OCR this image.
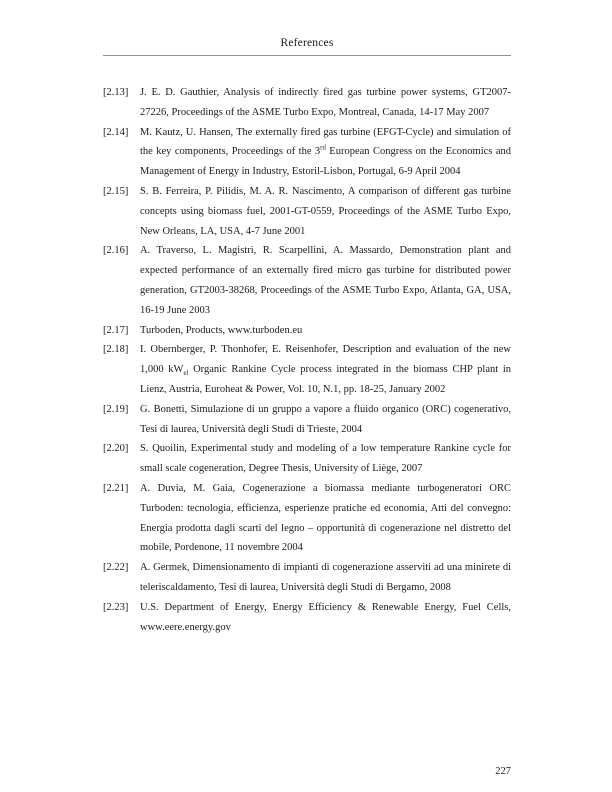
References
[2.13]	J. E. D. Gauthier, Analysis of indirectly fired gas turbine power systems, GT2007-27226, Proceedings of the ASME Turbo Expo, Montreal, Canada, 14-17 May 2007
[2.14]	M. Kautz, U. Hansen, The externally fired gas turbine (EFGT-Cycle) and simulation of the key components, Proceedings of the 3rd European Congress on the Economics and Management of Energy in Industry, Estoril-Lisbon, Portugal, 6-9 April 2004
[2.15]	S. B. Ferreira, P. Pilidis, M. A. R. Nascimento, A comparison of different gas turbine concepts using biomass fuel, 2001-GT-0559, Proceedings of the ASME Turbo Expo, New Orleans, LA, USA, 4-7 June 2001
[2.16]	A. Traverso, L. Magistri, R. Scarpellini, A. Massardo, Demonstration plant and expected performance of an externally fired micro gas turbine for distributed power generation, GT2003-38268, Proceedings of the ASME Turbo Expo, Atlanta, GA, USA, 16-19 June 2003
[2.17]	Turboden, Products, www.turboden.eu
[2.18]	I. Obernberger, P. Thonhofer, E. Reisenhofer, Description and evaluation of the new 1,000 $kW_{el}$ Organic Rankine Cycle process integrated in the biomass CHP plant in Lienz, Austria, Euroheat & Power, Vol. 10, N.1, pp. 18-25, January 2002
[2.19]	G. Bonetti, Simulazione di un gruppo a vapore a fluido organico (ORC) cogenerativo, Tesi di laurea, Università degli Studi di Trieste, 2004
[2.20]	S. Quoilin, Experimental study and modeling of a low temperature Rankine cycle for small scale cogeneration, Degree Thesis, University of Liège, 2007
[2.21]	A. Duvia, M. Gaia, Cogenerazione a biomassa mediante turbogeneratori ORC Turboden: tecnologia, efficienza, esperienze pratiche ed economia, Atti del convegno: Energia prodotta dagli scarti del legno – opportunità di cogenerazione nel distretto del mobile, Pordenone, 11 novembre 2004
[2.22]	A. Germek, Dimensionamento di impianti di cogenerazione asserviti ad una minirete di teleriscaldamento, Tesi di laurea, Università degli Studi di Bergamo, 2008
[2.23]	U.S. Department of Energy, Energy Efficiency & Renewable Energy, Fuel Cells, www.eere.energy.gov
227
